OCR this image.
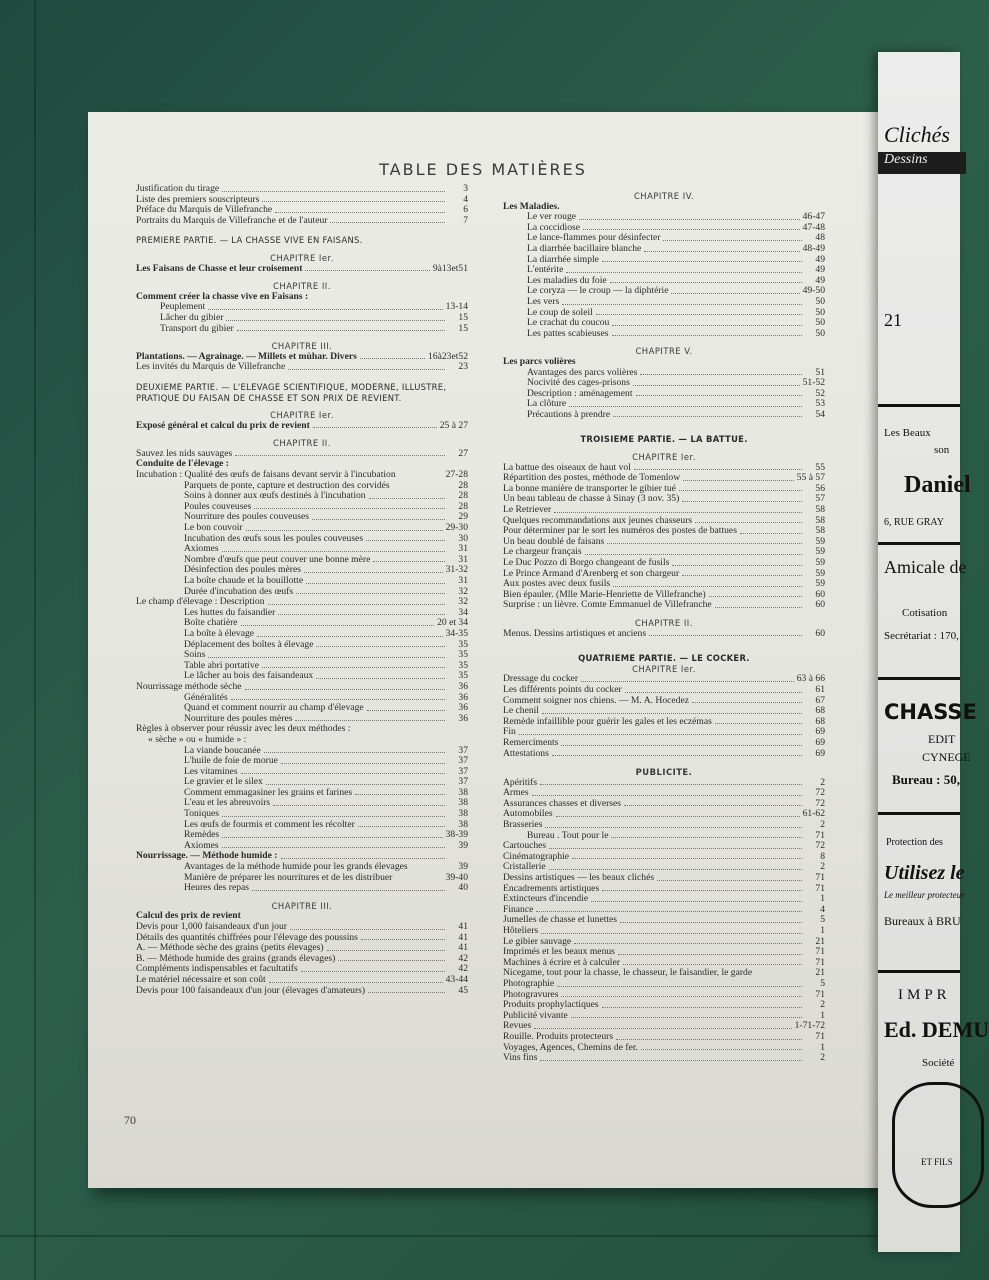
TABLE DES MATIÈRES
Justification du tirage	3
Liste des premiers souscripteurs	4
Préface du Marquis de Villefranche	6
Portraits du Marquis de Villefranche et de l'auteur	7
PREMIERE PARTIE. — LA CHASSE VIVE EN FAISANS.
CHAPITRE Ier.
Les Faisans de Chasse et leur croisement	9à13et51
CHAPITRE II.
Comment créer la chasse vive en Faisans :
Peuplement	13-14
Lâcher du gibier	15
Transport du gibier	15
CHAPITRE III.
Plantations. — Agrainage. — Millets et mùhar. Divers	16à23et52
Les invités du Marquis de Villefranche	23
DEUXIEME PARTIE. — L'ELEVAGE SCIENTIFIQUE, MODERNE, ILLUSTRE, PRATIQUE DU FAISAN DE CHASSE ET SON PRIX DE REVIENT.
CHAPITRE Ier.
Exposé général et calcul du prix de revient	25 à 27
CHAPITRE II.
Sauvez les nids sauvages	27
Conduite de l'élevage :
Incubation : Qualité des œufs de faisans devant servir à l'incubation	27-28
Parquets de ponte, capture et destruction des corvidés	28
Soins à donner aux œufs destinés à l'incubation	28
Poules couveuses	28
Nourriture des poules couveuses	29
Le bon couvoir	29-30
Incubation des œufs sous les poules couveuses	30
Axiomes	31
Nombre d'œufs que peut couver une bonne mère	31
Désinfection des poules mères	31-32
La boîte chaude et la bouillotte	31
Durée d'incubation des œufs	32
Le champ d'élevage : Description	32
Les huttes du faisandier	34
Boîte chatière	20 et 34
La boîte à élevage	34-35
Déplacement des boîtes à élevage	35
Soins	35
Table abri portative	35
Le lâcher au bois des faisandeaux	35
Nourrissage méthode sèche	36
Généralités	36
Quand et comment nourrir au champ d'élevage	36
Nourriture des poules mères	36
Règles à observer pour réussir avec les deux méthodes :
« sèche » ou « humide » :
La viande boucanée	37
L'huile de foie de morue	37
Les vitamines	37
Le gravier et le silex	37
Comment emmagasiner les grains et farines	38
L'eau et les abreuvoirs	38
Toniques	38
Les œufs de fourmis et comment les récolter	38
Remèdes	38-39
Axiomes	39
Nourrissage. — Méthode humide :
Avantages de la méthode humide pour les grands élevages	39
Manière de préparer les nourritures et de les distribuer	39-40
Heures des repas	40
CHAPITRE III.
Calcul des prix de revient
Devis pour 1,000 faisandeaux d'un jour	41
Détails des quantités chiffrées pour l'élevage des poussins	41
A. — Méthode sèche des grains (petits élevages)	41
B. — Méthode humide des grains (grands élevages)	42
Compléments indispensables et facultatifs	42
Le matériel nécessaire et son coût	43-44
Devis pour 100 faisandeaux d'un jour (élevages d'amateurs)	45
CHAPITRE IV.
Les Maladies.
Le ver rouge	46-47
La coccidiose	47-48
Le lance-flammes pour désinfecter	48
La diarrhée bacillaire blanche	48-49
La diarrhée simple	49
L'entérite	49
Les maladies du foie	49
Le coryza — le croup — la diphtérie	49-50
Les vers	50
Le coup de soleil	50
Le crachat du coucou	50
Les pattes scabieuses	50
CHAPITRE V.
Les parcs volières
Avantages des parcs volières	51
Nocivité des cages-prisons	51-52
Description : aménagement	52
La clôture	53
Précautions à prendre	54
TROISIEME PARTIE. — LA BATTUE.
CHAPITRE Ier.
La battue des oiseaux de haut vol	55
Répartition des postes, méthode de Tomenlow	55 à 57
La bonne manière de transporter le gibier tué	56
Un beau tableau de chasse à Sinay (3 nov. 35)	57
Le Retriever	58
Quelques recommandations aux jeunes chasseurs	58
Pour déterminer par le sort les numéros des postes de battues	58
Un beau doublé de faisans	59
Le chargeur français	59
Le Duc Pozzo di Borgo changeant de fusils	59
Le Prince Armand d'Arenberg et son chargeur	59
Aux postes avec deux fusils	59
Bien épauler. (Mlle Marie-Henriette de Villefranche)	60
Surprise : un lièvre. Comte Emmanuel de Villefranche	60
CHAPITRE II.
Menus. Dessins artistiques et anciens	60
QUATRIEME PARTIE. — LE COCKER.
CHAPITRE Ier.
Dressage du cocker	63 à 66
Les différents points du cocker	61
Comment soigner nos chiens. — M. A. Hocedez	67
Le chenil	68
Remède infaillible pour guérir les gales et les eczémas	68
Fin	69
Remerciments	69
Attestations	69
PUBLICITE.
Apéritifs	2
Armes	72
Assurances chasses et diverses	72
Automobiles	61-62
Brasseries	2
Bureau . Tout pour le	71
Cartouches	72
Cinématographie	8
Cristallerie	2
Dessins artistiques — les beaux clichés	71
Encadrements artistiques	71
Extincteurs d'incendie	1
Finance	4
Jumelles de chasse et lunettes	5
Hôteliers	1
Le gibier sauvage	21
Imprimés et les beaux menus	71
Machines à écrire et à calculer	71
Nicegame, tout pour la chasse, le chasseur, le faisandier, le garde	21
Photographie	5
Photogravures	71
Produits prophylactiques	2
Publicité vivante	1
Revues	1-71-72
Rouille. Produits protecteurs	71
Voyages, Agences, Chemins de fer.	1
Vins fins	2
70
Clichés
Dessins
21
Les Beaux
son
Daniel
6, RUE GRAY
Amicale de
Cotisation
Secrétariat : 170,
CHASSE
EDIT
CYNEGE
Bureau : 50,
Protection des
Utilisez le
Le meilleur protecteur
Bureaux à BRU
IMPR
Ed. DEMU
Société
ET FILS
